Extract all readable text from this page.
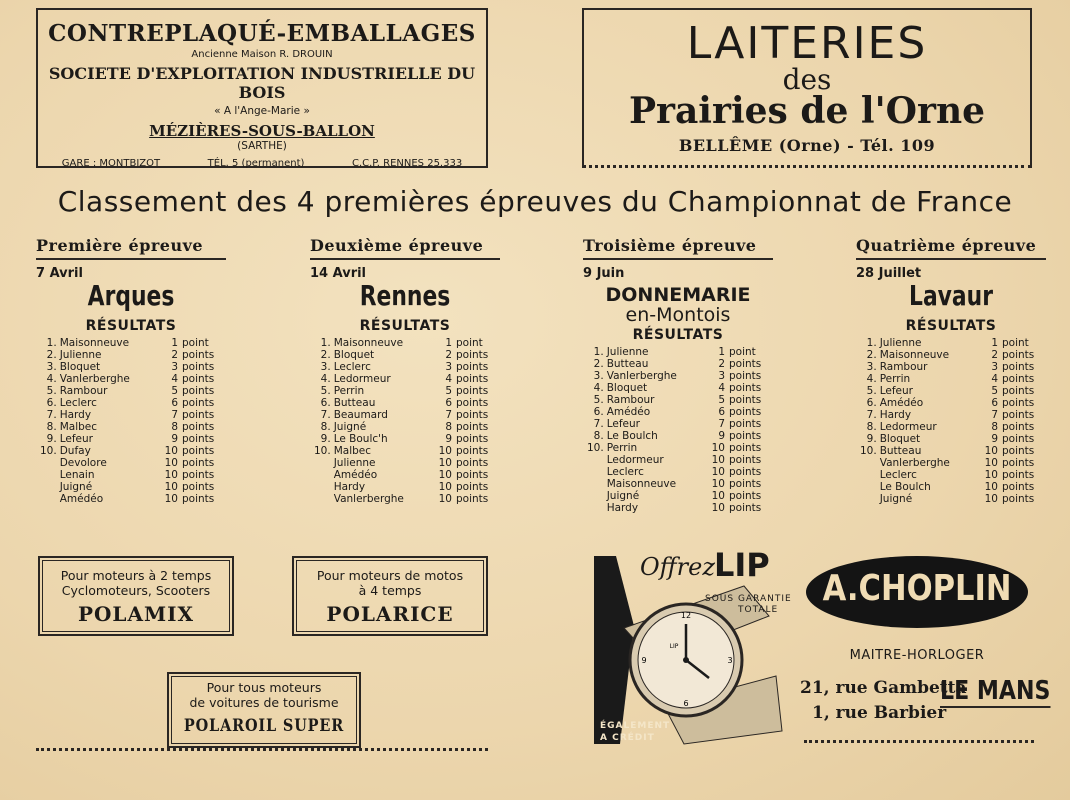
CONTREPLAQUÉ-EMBALLAGES
Ancienne Maison R. DROUIN
SOCIETE D'EXPLOITATION INDUSTRIELLE DU BOIS
« A l'Ange-Marie »
MÉZIÈRES-SOUS-BALLON
(SARTHE)
GARE : MONTBIZOT	TÉL. 5 (permanent)	C.C.P. RENNES 25.333
LAITERIES
des
Prairies de l'Orne
BELLÊME (Orne) - Tél. 109
Classement des 4 premières épreuves du Championnat de France
Première épreuve
7 Avril
Arques
RÉSULTATS
1.	Maisonneuve	1	point
2.	Julienne	2	points
3.	Bloquet	3	points
4.	Vanlerberghe	4	points
5.	Rambour	5	points
6.	Leclerc	6	points
7.	Hardy	7	points
8.	Malbec	8	points
9.	Lefeur	9	points
10.	Dufay	10	points
	Devolore	10	points
	Lenain	10	points
	Juigné	10	points
	Amédéo	10	points
Deuxième épreuve
14 Avril
Rennes
RÉSULTATS
1.	Maisonneuve	1	point
2.	Bloquet	2	points
3.	Leclerc	3	points
4.	Ledormeur	4	points
5.	Perrin	5	points
6.	Butteau	6	points
7.	Beaumard	7	points
8.	Juigné	8	points
9.	Le Boulc'h	9	points
10.	Malbec	10	points
	Julienne	10	points
	Amédéo	10	points
	Hardy	10	points
	Vanlerberghe	10	points
Troisième épreuve
9 Juin
DONNEMARIE
en-Montois
RÉSULTATS
1.	Julienne	1	point
2.	Butteau	2	points
3.	Vanlerberghe	3	points
4.	Bloquet	4	points
5.	Rambour	5	points
6.	Amédéo	6	points
7.	Lefeur	7	points
8.	Le Boulch	9	points
10.	Perrin	10	points
	Ledormeur	10	points
	Leclerc	10	points
	Maisonneuve	10	points
	Juigné	10	points
	Hardy	10	points
Quatrième épreuve
28 Juillet
Lavaur
RÉSULTATS
1.	Julienne	1	point
2.	Maisonneuve	2	points
3.	Rambour	3	points
4.	Perrin	4	points
5.	Lefeur	5	points
6.	Amédéo	6	points
7.	Hardy	7	points
8.	Ledormeur	8	points
9.	Bloquet	9	points
10.	Butteau	10	points
	Vanlerberghe	10	points
	Leclerc	10	points
	Le Boulch	10	points
	Juigné	10	points
Pour moteurs à 2 temps
Cyclomoteurs, Scooters
POLAMIX
Pour moteurs de motos
à 4 temps
POLARICE
Pour tous moteurs
de voitures de tourisme
POLAROIL SUPER
12
3
6
9
LIP
Offrez LIP
SOUS GARANTIE
TOTALE
ÉGALEMENT
A CRÉDIT
A.CHOPLIN
MAITRE-HORLOGER
21, rue Gambetta
1, rue Barbier
LE MANS
